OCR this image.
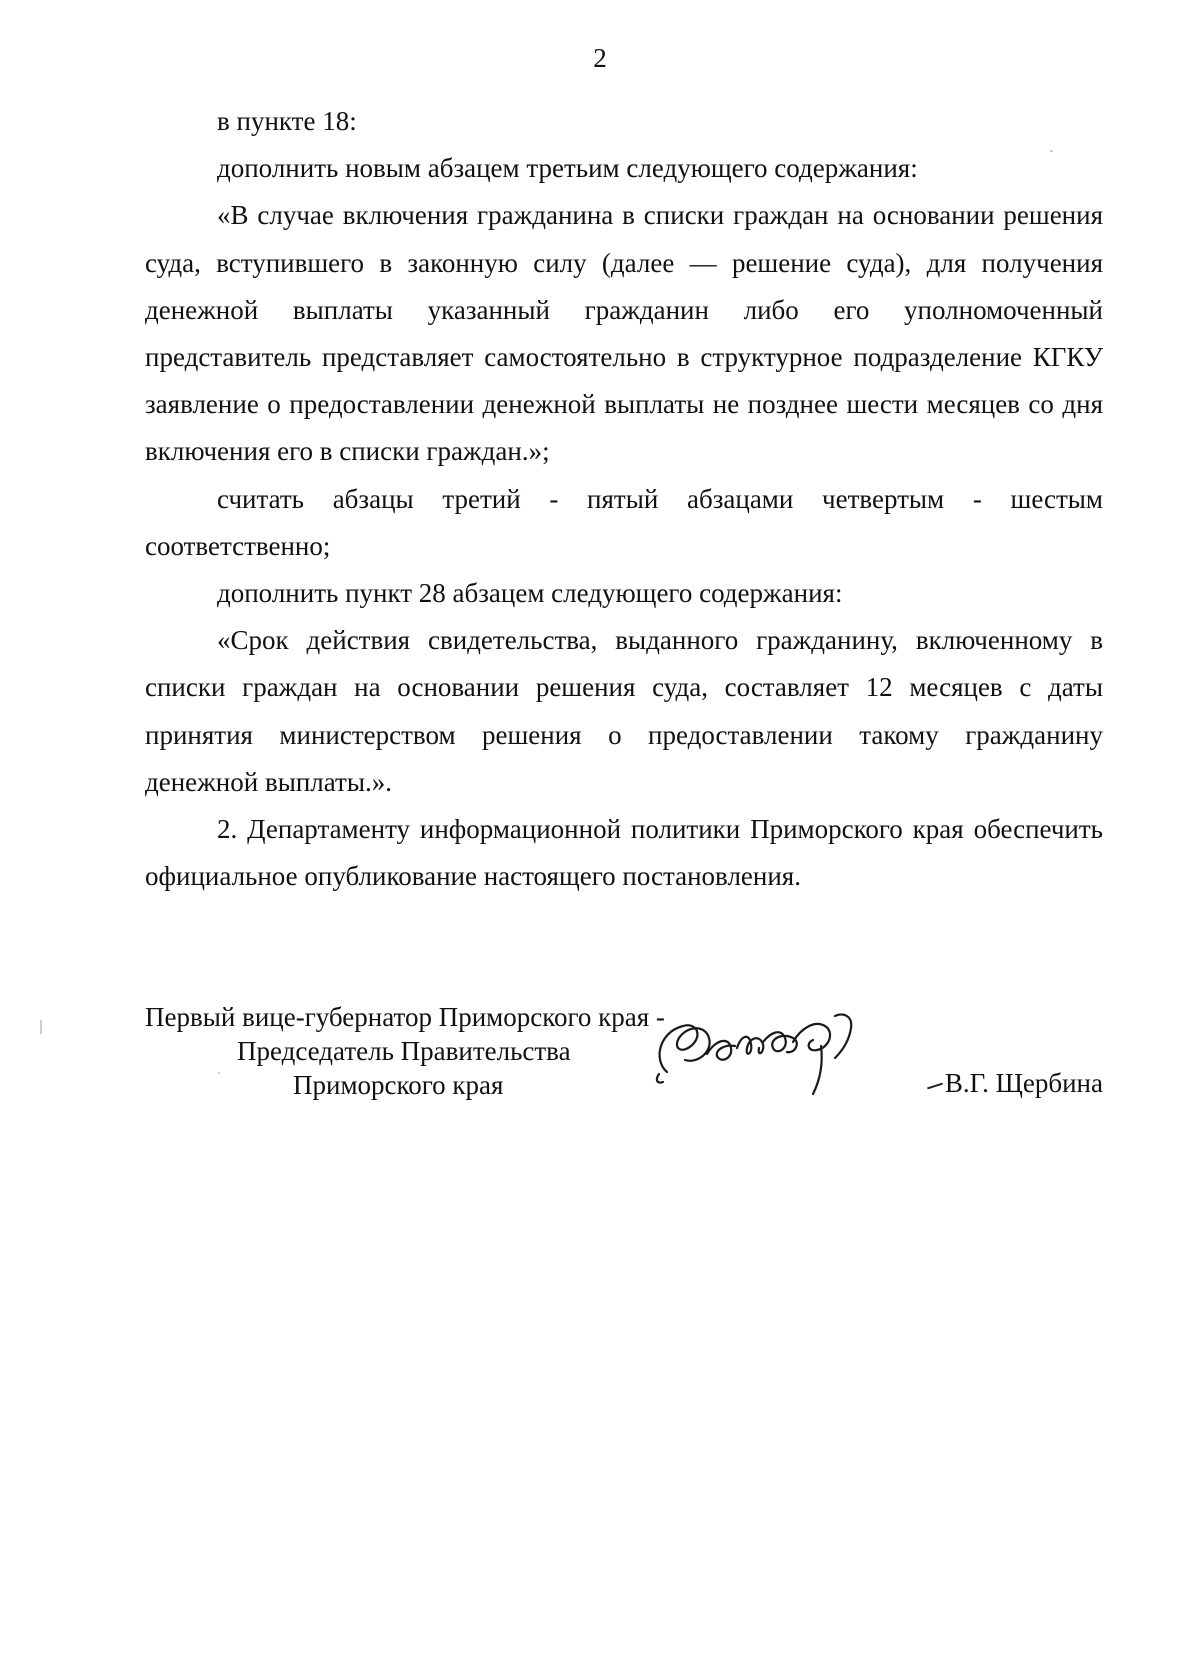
2

в пункте 18:

дополнить новым абзацем третьим следующего содержания:

«В случае включения гражданина в списки граждан на основании решения суда, вступившего в законную силу (далее — решение суда), для получения денежной выплаты указанный гражданин либо его уполномоченный представитель представляет самостоятельно в структурное подразделение КГКУ заявление о предоставлении денежной выплаты не позднее шести месяцев со дня включения его в списки граждан.»;

считать абзацы третий - пятый абзацами четвертым - шестым соответственно;

дополнить пункт 28 абзацем следующего содержания:

«Срок действия свидетельства, выданного гражданину, включенному в списки граждан на основании решения суда, составляет 12 месяцев с даты принятия министерством решения о предоставлении такому гражданину денежной выплаты.».

2. Департаменту информационной политики Приморского края обеспечить официальное опубликование настоящего постановления.

Первый вице-губернатор Приморского края -
Председатель Правительства
Приморского края	В.Г. Щербина
